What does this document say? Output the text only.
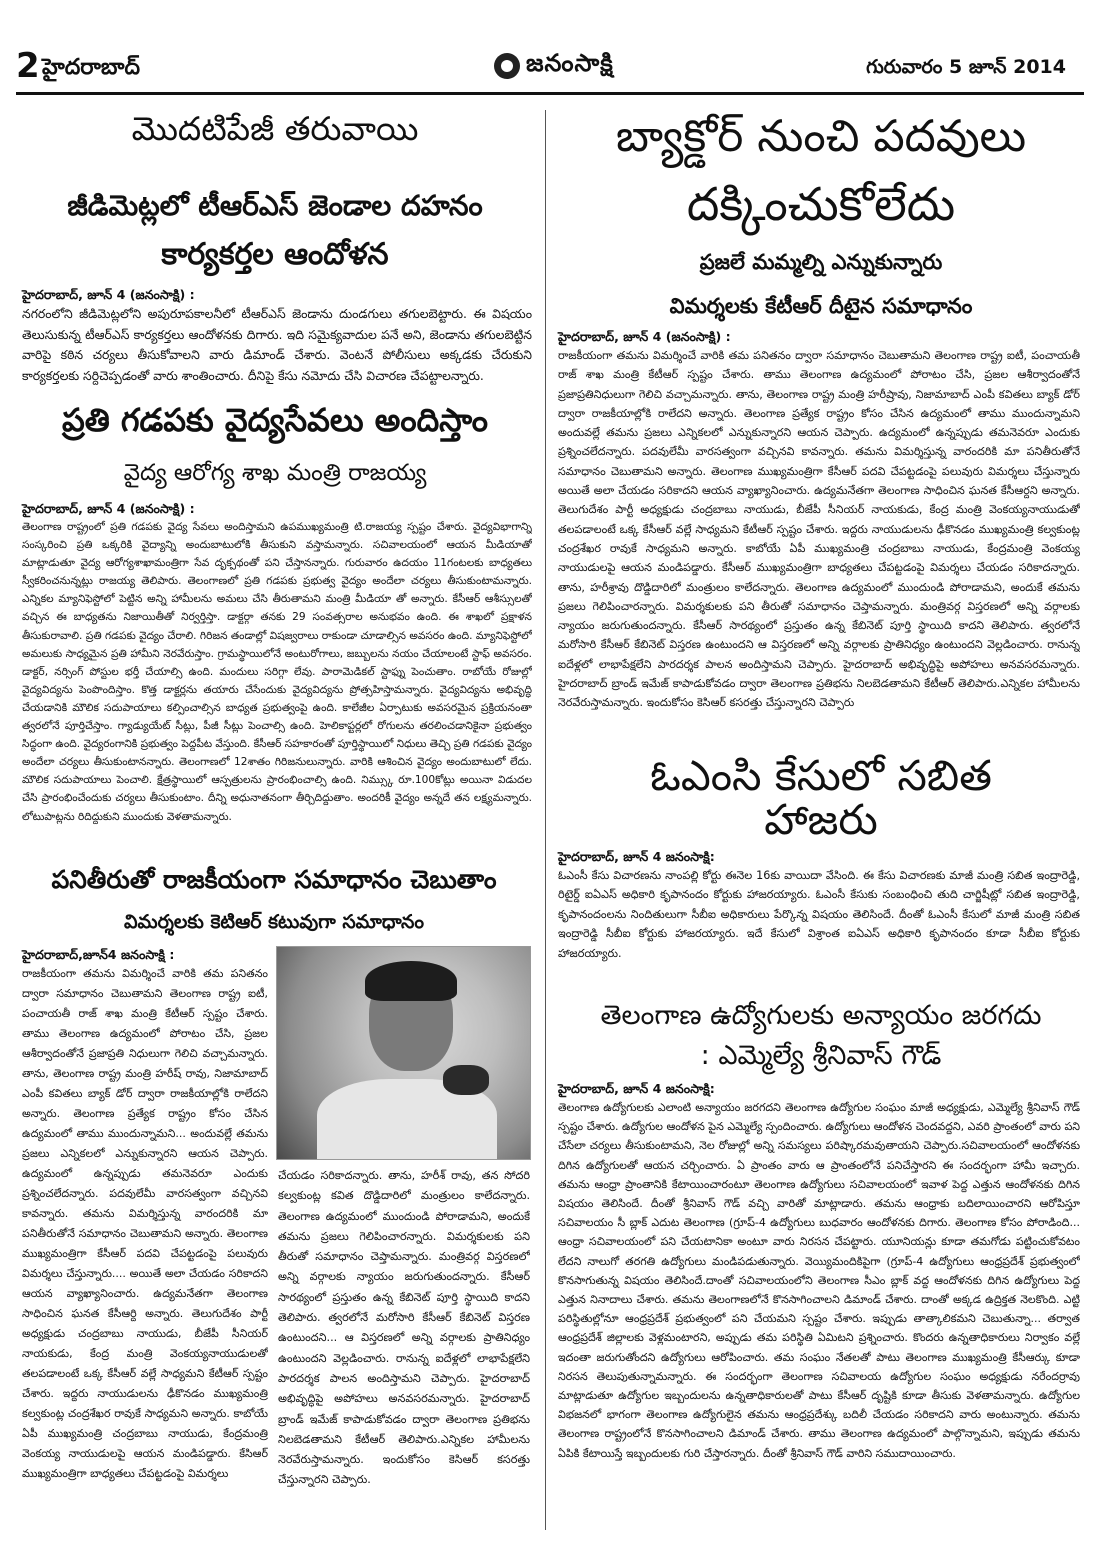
2 హైదరాబాద్	జనంసాక్షి	గురువారం 5 జూన్ 2014
మొదటిపేజీ తరువాయి
జీడిమెట్లలో టీఆర్ఎస్ జెండాల దహనం
కార్యకర్తల ఆందోళన
హైదరాబాద్, జూన్ 4 (జనంసాక్షి) :

నగరంలోని జీడిమెట్లలోని అపురూపకాలనీలో టీఆర్ఎస్ జెండాను దుండగులు తగులబెట్టారు. ఈ విషయం తెలుసుకున్న టీఆర్ఎస్ కార్యకర్తలు ఆందోళనకు దిగారు. ఇది సమైక్యవాదుల పనే అని, జెండాను తగులబెట్టిన వారిపై కఠిన చర్యలు తీసుకోవాలని వారు డిమాండ్ చేశారు. వెంటనే పోలీసులు అక్కడకు చేరుకుని కార్యకర్తలకు సర్దిచెప్పడంతో వారు శాంతించారు. దీనిపై కేసు నమోదు చేసి విచారణ చేపట్టాలన్నారు.

ప్రతి గడపకు వైద్యసేవలు అందిస్తాం
వైద్య ఆరోగ్య శాఖ మంత్రి రాజయ్య
హైదరాబాద్, జూన్ 4 (జనంసాక్షి) :

తెలంగాణ రాష్ట్రంలో ప్రతి గడపకు వైద్య సేవలు అందిస్తామని ఉపముఖ్యమంత్రి టి.రాజయ్య స్పష్టం చేశారు. వైద్యవిభాగాన్ని సంస్కరించి ప్రతి ఒక్కరికి వైద్యాన్ని అందుబాటులోకి తీసుకుని వస్తామన్నారు. సచివాలయంలో ఆయన మీడియాతో మాట్లాడుతూ వైద్య ఆరోగ్యశాఖామంత్రిగా సేవ దృక్పథంతో పని చేస్తానన్నారు. గురువారం ఉదయం 11గంటలకు బాధ్యతలు స్వీకరించనున్నట్లు రాజయ్య తెలిపారు. తెలంగాణలో ప్రతి గడపకు ప్రభుత్వ వైద్యం అందేలా చర్యలు తీసుకుంటామన్నారు. ఎన్నికల మ్యానిఫెస్టోలో పెట్టిన అన్ని హామీలను అమలు చేసి తీరుతామని మంత్రి మీడియా తో అన్నారు. కేసీఆర్ ఆశీస్సులతో వచ్చిన ఈ బాధ్యతను నిజాయితీతో నిర్వర్తిస్తా. డాక్టర్గా తనకు 29 సంవత్సరాల అనుభవం ఉంది. ఈ శాఖలో ప్రక్షాళన తీసుకురావాలి. ప్రతి గడపకు వైద్యం చేరాలి. గిరిజన తండాల్లో విషజ్వరాలు రాకుండా చూడాల్సిన అవసరం ఉంది. మ్యానిఫెస్టోలో అమలుకు సాధ్యమైన ప్రతి హామీని నెరవేరుస్తాం. గ్రామస్థాయిలోనే అంటురోగాలు, జబ్బులను నయం చేయాలంటే స్టాఫ్ అవసరం. డాక్టర్, నర్సింగ్ పోస్టుల భర్తీ చేయాల్సి ఉంది. మందులు సరిగ్గా లేవు. పారామెడికల్ స్టాఫ్ను పెంచుతాం. రాబోయే రోజుల్లో వైద్యవిద్యను పెంపొందిస్తాం. కొత్త డాక్టర్లను తయారు చేసేందుకు వైద్యవిద్యను ప్రోత్సహిస్తామన్నారు. వైద్యవిద్యను అభివృద్ధి చేయడానికి మౌలిక సదుపాయాలు కల్పించాల్సిన బాధ్యత ప్రభుత్వంపై ఉంది. కాలేజీల ఏర్పాటుకు అవసరమైన ప్రక్రియనంతా త్వరలోనే పూర్తిచేస్తాం. గ్యాడ్యుయేట్ సీట్లు, పీజీ సీట్లు పెంచాల్సి ఉంది. హెలికాప్టర్లలో రోగులను తరలించడానికైనా ప్రభుత్వం సిద్ధంగా ఉంది. వైద్యరంగానికి ప్రభుత్వం పెద్దపీట వేస్తుంది. కేసీఆర్ సహకారంతో పూర్తిస్థాయిలో నిధులు తెచ్చి ప్రతి గడపకు వైద్యం అందేలా చర్యలు తీసుకుంటానన్నారు. తెలంగాణలో 12శాతం గిరిజనులున్నారు. వారికి ఆశించిన వైద్యం అందుబాటులో లేదు. మౌలిక సదుపాయాలు పెంచాలి. క్షేత్రస్థాయిలో ఆస్పత్రులను ప్రారంభించాల్సి ఉంది. నిమ్స్కు రూ.100కోట్లు అయినా విడుదల చేసి ప్రారంభించేందుకు చర్యలు తీసుకుంటాం. దీన్ని అధునాతనంగా తీర్చిదిద్దుతాం. అందరికీ వైద్యం అన్నదే తన లక్ష్యమన్నారు. లోటుపాట్లను రిదిద్దుకుని ముందుకు వెళతామన్నారు.

పనితీరుతో రాజకీయంగా సమాధానం చెబుతాం
విమర్శలకు కెటిఆర్ కటువుగా సమాధానం
హైదరాబాద్,జూన్4 జనంసాక్షి :

రాజకీయంగా తమను విమర్శించే వారికి తమ పనితనం ద్వారా సమాధానం చెబుతామని తెలంగాణ రాష్ట్ర ఐటీ, పంచాయతీ రాజ్ శాఖ మంత్రి కేటీఆర్ స్పష్టం చేశారు. తాము తెలంగాణ ఉద్యమంలో పోరాటం చేసి, ప్రజల ఆశీర్వాదంతోనే ప్రజాప్రతి నిధులుగా గెలిచి వచ్చామన్నారు. తాను, తెలంగాణ రాష్ట్ర మంత్రి హరీష్ రావు, నిజామాబాద్ ఎంపీ కవితలు బ్యాక్ డోర్ ద్వారా రాజకీయాల్లోకి రాలేదని అన్నారు. తెలంగాణ ప్రత్యేక రాష్ట్రం కోసం చేసిన ఉద్యమంలో తాము ముందున్నామని... అందువల్లే తమను ప్రజలు ఎన్నికలలో ఎన్నుకున్నారని ఆయన చెప్పారు. ఉద్యమంలో ఉన్నప్పుడు తమనెవరూ ఎందుకు ప్రశ్నించలేదన్నారు. పదవులేమీ వారసత్వంగా వచ్చినవి కావన్నారు. తమను విమర్శిస్తున్న వారందరికి మా పనితీరుతోనే సమాధానం చెబుతామని అన్నారు. తెలంగాణ ముఖ్యమంత్రిగా కేసీఆర్ పదవి చేపట్టడంపై పలువురు విమర్శలు చేస్తున్నారు.... అయితే అలా చేయడం సరికాదని ఆయన వ్యాఖ్యానించారు. ఉద్యమనేతగా తెలంగాణ సాధించిన ఘనత కేసీఆర్ది అన్నారు. తెలుగుదేశం పార్టీ అధ్యక్షుడు చంద్రబాబు నాయుడు, బీజేపీ సీనియర్ నాయకుడు, కేంద్ర మంత్రి వెంకయ్యనాయుడులతో తలపడాలంటే ఒక్క కేసీఆర్ వల్లే సాధ్యమని కేటీఆర్ స్పష్టం చేశారు. ఇద్దరు నాయుడులను ఢీకొనడం ముఖ్యమంత్రి కల్వకుంట్ల చంద్రశేఖర రావుకే సాధ్యమని అన్నారు. కాబోయే ఏపీ ముఖ్యమంత్రి చంద్రబాబు నాయుడు, కేంద్రమంత్రి వెంకయ్య నాయుడులపై ఆయన మండిపడ్డారు. కేసిఆర్ ముఖ్యమంత్రిగా బాధ్యతలు చేపట్టడంపై విమర్శలు

చేయడం సరికాదన్నారు. తాను, హరీశ్ రావు, తన సోదరి కల్వకుంట్ల కవిత దొడ్డిదారిలో మంత్రులం కాలేదన్నారు. తెలంగాణ ఉద్యమంలో ముందుండి పోరాడామని, అందుకే తమను ప్రజలు గెలిపించారన్నారు. విమర్శకులకు పని తీరుతో సమాధానం చెప్తామన్నారు. మంత్రివర్గ విస్తరణలో అన్ని వర్గాలకు న్యాయం జరుగుతుందన్నారు. కేసీఆర్ సారథ్యంలో ప్రస్తుతం ఉన్న కేబినెట్ పూర్తి స్థాయిది కాదని తెలిపారు. త్వరలోనే మరోసారి కేసీఆర్ కేబినెట్ విస్తరణ ఉంటుందని... ఆ విస్తరణలో అన్ని వర్గాలకు ప్రాతినిధ్యం ఉంటుందని వెల్లడించారు. రానున్న ఐదేళ్లలో లాభాపేక్షలేని పారదర్శక పాలన అందిస్తామని చెప్పారు. హైదరాబాద్ అభివృద్ధిపై అపోహలు అనవసరమన్నారు. హైదరాబాద్ బ్రాండ్ ఇమేజ్ కాపాడుకోవడం ద్వారా తెలంగాణ ప్రతిభను నిలబెడతామని కేటీఆర్ తెలిపారు.ఎన్నికల హామీలను నెరవేరుస్తామన్నారు. ఇందుకోసం కెసిఆర్ కసరత్తు చేస్తున్నారని చెప్పారు.

బ్యాక్డోర్ నుంచి పదవులు
దక్కించుకోలేదు
ప్రజలే మమ్మల్ని ఎన్నుకున్నారు
విమర్శలకు కేటీఆర్ దీటైన సమాధానం
హైదరాబాద్, జూన్ 4 (జనంసాక్షి) :

రాజకీయంగా తమను విమర్శించే వారికి తమ పనితనం ద్వారా సమాధానం చెబుతామని తెలంగాణ రాష్ట్ర ఐటీ, పంచాయతీ రాజ్ శాఖ మంత్రి కేటీఆర్ స్పష్టం చేశారు. తాము తెలంగాణ ఉద్యమంలో పోరాటం చేసి, ప్రజల ఆశీర్వాదంతోనే ప్రజాప్రతినిధులుగా గెలిచి వచ్చామన్నారు. తాను, తెలంగాణ రాష్ట్ర మంత్రి హరీష్రావు, నిజామాబాద్ ఎంపీ కవితలు బ్యాక్ డోర్ ద్వారా రాజకీయాల్లోకి రాలేదని అన్నారు. తెలంగాణ ప్రత్యేక రాష్ట్రం కోసం చేసిన ఉద్యమంలో తాము ముందున్నామని అందువల్లే తమను ప్రజలు ఎన్నికలలో ఎన్నుకున్నారని ఆయన చెప్పారు. ఉద్యమంలో ఉన్నప్పుడు తమనెవరూ ఎందుకు ప్రశ్నించలేదన్నారు. పదవులేమీ వారసత్వంగా వచ్చినవి కావన్నారు. తమను విమర్శిస్తున్న వారందరికి మా పనితీరుతోనే సమాధానం చెబుతామని అన్నారు. తెలంగాణ ముఖ్యమంత్రిగా కేసీఆర్ పదవి చేపట్టడంపై పలువురు విమర్శలు చేస్తున్నారు అయితే అలా చేయడం సరికాదని ఆయన వ్యాఖ్యానించారు. ఉద్యమనేతగా తెలంగాణ సాధించిన ఘనత కేసీఆర్దని అన్నారు. తెలుగుదేశం పార్టీ అధ్యక్షుడు చంద్రబాబు నాయుడు, బీజేపీ సీనియర్ నాయకుడు, కేంద్ర మంత్రి వెంకయ్యనాయుడుతో తలపడాలంటే ఒక్క కేసీఆర్ వల్లే సాధ్యమని కేటీఆర్ స్పష్టం చేశారు. ఇద్దరు నాయుడులను ఢీకొనడం ముఖ్యమంత్రి కల్వకుంట్ల చంద్రశేఖర రావుకే సాధ్యమని అన్నారు. కాబోయే ఏపీ ముఖ్యమంత్రి చంద్రబాబు నాయుడు, కేంద్రమంత్రి వెంకయ్య నాయుడులపై ఆయన మండిపడ్డారు. కేసీఆర్ ముఖ్యమంత్రిగా బాధ్యతలు చేపట్టడంపై విమర్శలు చేయడం సరికాదన్నారు. తాను, హరీశ్రావు దొడ్డిదారిలో మంత్రులం కాలేదన్నారు. తెలంగాణ ఉద్యమంలో ముందుండి పోరాడామని, అందుకే తమను ప్రజలు గెలిపించారన్నారు. విమర్శకులకు పని తీరుతో సమాధానం చెప్తామన్నారు. మంత్రివర్గ విస్తరణలో అన్ని వర్గాలకు న్యాయం జరుగుతుందన్నారు. కేసీఆర్ సారథ్యంలో ప్రస్తుతం ఉన్న కేబినెట్ పూర్తి స్థాయిది కాదని తెలిపారు. త్వరలోనే మరోసారి కేసీఆర్ కేబినెట్ విస్తరణ ఉంటుందని ఆ విస్తరణలో అన్ని వర్గాలకు ప్రాతినిధ్యం ఉంటుందని వెల్లడించారు. రానున్న ఐదేళ్లలో లాభాపేక్షలేని పారదర్శక పాలన అందిస్తామని చెప్పారు. హైదరాబాద్ అభివృద్ధిపై అపోహలు అనవసరమన్నారు. హైదరాబాద్ బ్రాండ్ ఇమేజ్ కాపాడుకోవడం ద్వారా తెలంగాణ ప్రతిభను నిలబెడతామని కేటీఆర్ తెలిపారు.ఎన్నికల హామీలను నెరవేరుస్తామన్నారు. ఇందుకోసం కెసిఆర్ కసరత్తు చేస్తున్నారని చెప్పారు

ఓఎంసి కేసులో సబిత
హాజరు
హైదరాబాద్, జూన్ 4 జనంసాక్షి:

ఓఎంసీ కేసు విచారణను నాంపల్లి కోర్టు ఈనెల 16కు వాయిదా వేసింది. ఈ కేసు విచారణకు మాజీ మంత్రి సబిత ఇంద్రారెడ్డి, రిటైర్డ్ ఐఏఎస్ అధికారి కృపానందం కోర్టుకు హాజరయ్యారు. ఓఎంసీ కేసుకు సంబంధించి తుది చార్జిషీట్లో సబిత ఇంద్రారెడ్డి, కృపానందంలను నిందితులుగా సీబీఐ అధికారులు పేర్కొన్న విషయం తెలిసిందే. దీంతో ఓఎంసీ కేసులో మాజీ మంత్రి సబిత ఇంద్రారెడ్డి సీబీఐ కోర్టుకు హాజరయ్యారు. ఇదే కేసులో విశ్రాంత ఐఏఎస్ అధికారి కృపానందం కూడా సీబీఐ కోర్టుకు హాజరయ్యారు.

తెలంగాణ ఉద్యోగులకు అన్యాయం జరగదు
: ఎమ్మెల్యే శ్రీనివాస్ గౌడ్
హైదరాబాద్, జూన్ 4 జనంసాక్షి:

తెలంగాణ ఉద్యోగులకు ఎలాంటి అన్యాయం జరగదని తెలంగాణ ఉద్యోగుల సంఘం మాజీ అధ్యక్షుడు, ఎమ్మెల్యే శ్రీనివాస్ గౌడ్ స్పష్టం చేశారు. ఉద్యోగుల ఆందోళన పైన ఎమ్మెల్యే స్పందించారు. ఉద్యోగులు ఆందోళన చెందవద్దని, ఎవరి ప్రాంతంలో వారు పని చేసేలా చర్యలు తీసుకుంటామని, నెల రోజుల్లో అన్ని సమస్యలు పరిష్కారమవుతాయని చెప్పారు.సచివాలయంలో ఆందోళనకు దిగిన ఉద్యోగులతో ఆయన చర్చించారు. ఏ ప్రాంతం వారు ఆ ప్రాంతంలోనే పనిచేస్తారని ఈ సందర్భంగా హామీ ఇచ్చారు. తమను ఆంధ్రా ప్రాంతానికి కేటాయించారంటూ తెలంగాణ ఉద్యోగులు సచివాలయంలో ఇవాళ పెద్ద ఎత్తున ఆందోళనకు దిగిన విషయం తెలిసిందే. దీంతో శ్రీనివాస్ గౌడ్ వచ్చి వారితో మాట్లాడారు. తమను ఆంధ్రాకు బదిలాయించారని ఆరోపిస్తూ సచివాలయం సీ బ్లాక్ ఎదుట తెలంగాణ (గ్రూప్-4 ఉద్యోగులు బుధవారం ఆందోళనకు దిగారు. తెలంగాణ కోసం పోరాడింది... ఆంధ్రా సచివాలయంలో పని చేయటానికా అంటూ వారు నిరసన చేపట్టారు. యూనియన్లు కూడా తమగోడు పట్టించుకోవటం లేదని నాలుగో తరగతి ఉద్యోగులు మండిపడుతున్నారు. వెయ్యిమందికిపైగా (గ్రూప్-4 ఉద్యోగులు ఆంధ్రప్రదేశ్ ప్రభుత్వంలో కొనసాగుతున్న విషయం తెలిసిందే.దాంతో సచివాలయంలోని తెలంగాణ సీఎం బ్లాక్ వద్ద ఆందోళనకు దిగిన ఉద్యోగులు పెద్ద ఎత్తున నినాదాలు చేశారు. తమను తెలంగాణలోనే కొనసాగించాలని డిమాండ్ చేశారు. దాంతో అక్కడ ఉద్రిక్తత నెలకొంది. ఎట్టి పరిస్థితుల్లోనూ ఆంధ్రప్రదేశ్ ప్రభుత్వంలో పని చేయమని స్పష్టం చేశారు. ఇప్పుడు తాత్కాలికమని చెబుతున్నా... తర్వాత ఆంధ్రప్రదేశ్ జిల్లాలకు వెళ్లమంటారని, అప్పుడు తమ పరిస్థితి ఏమిటని ప్రశ్నించారు. కొందరు ఉన్నతాధికారులు నిర్వాకం వల్లే ఇదంతా జరుగుతోందని ఉద్యోగులు ఆరోపించారు. తమ సంఘం నేతలతో పాటు తెలంగాణ ముఖ్యమంత్రి కేసీఆర్కు కూడా నిరసన తెలుపుతున్నామన్నారు. ఈ సందర్భంగా తెలంగాణ సచివాలయ ఉద్యోగుల సంఘం అధ్యక్షుడు నరేందర్రావు మాట్లాడుతూ ఉద్యోగుల ఇబ్బందులను ఉన్నతాధికారులతో పాటు కేసీఆర్ దృష్టికి కూడా తీసుకు వెళతామన్నారు. ఉద్యోగుల విభజనలో భాగంగా తెలంగాణ ఉద్యోగులైన తమను ఆంధ్రప్రదేశ్కు బదిలీ చేయడం సరికాదని వారు అంటున్నారు. తమను తెలంగాణ రాష్ట్రంలోనే కొనసాగించాలని డిమాండ్ చేశారు. తాము తెలంగాణ ఉద్యమంలో పాల్గొన్నామని, ఇప్పుడు తమను ఏపికి కేటాయిస్తే ఇబ్బందులకు గురి చేస్తారన్నారు. దీంతో శ్రీనివాస్ గౌడ్ వారిని సముదాయించారు.
